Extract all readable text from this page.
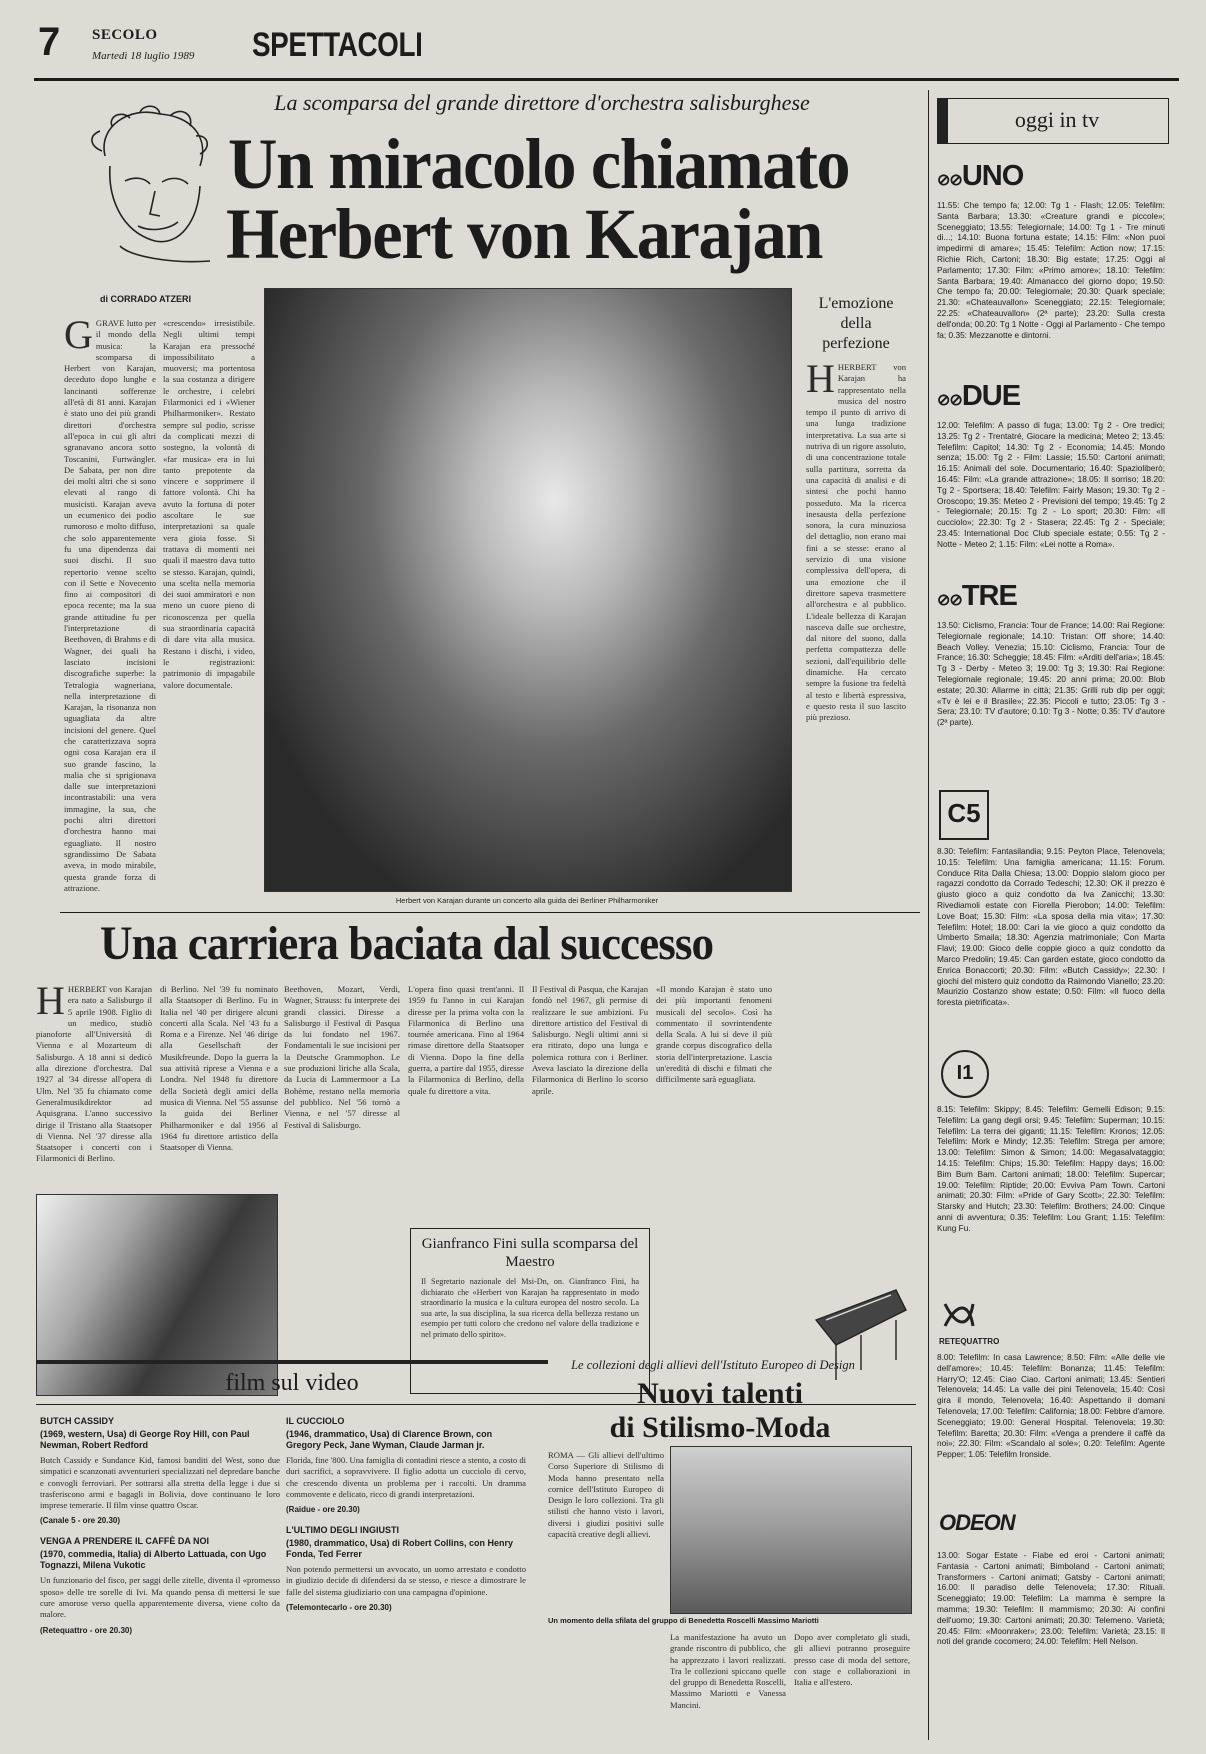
7 SECOLO
Martedì 18 luglio 1989 SPETTACOLI
La scomparsa del grande direttore d'orchestra salisburghese
Un miracolo chiamato
Herbert von Karajan
di CORRADO ATZERI
GGRAVE lutto per il mondo della musica: la scomparsa di Herbert von Karajan, deceduto dopo lunghe e lancinanti sofferenze all'età di 81 anni. Karajan è stato uno dei più grandi direttori d'orchestra all'epoca in cui gli altri sgranavano ancora sotto Toscanini, Furtwängler. De Sabata, per non dire dei molti altri che si sono elevati al rango di musicisti. Karajan aveva un ecumenico dei podio rumoroso e molto diffuso, che solo apparentemente fu una dipendenza dai suoi dischi. Il suo repertorio venne scelto con il Sette e Novecento fino ai compositori di epoca recente; ma la sua grande attitudine fu per l'interpretazione di Beethoven, di Brahms e di Wagner, dei quali ha lasciato incisioni discografiche superbe: la Tetralogia wagneriana, nella interpretazione di Karajan, la risonanza non uguagliata da altre incisioni del genere. Quel che caratterizzava sopra ogni cosa Karajan era il suo grande fascino, la malia che si sprigionava dalle sue interpretazioni incontrastabili: una vera immagine, la sua, che pochi altri direttori d'orchestra hanno mai eguagliato. Il nostro sgrandissimo De Sabata aveva, in modo mirabile, questa grande forza di attrazione.
«crescendo» irresistibile. Negli ultimi tempi Karajan era pressoché impossibilitato a muoversi; ma portentosa la sua costanza a dirigere le orchestre, i celebri Filarmonici ed i «Wiener Philharmoniker». Restato sempre sul podio, scrisse da complicati mezzi di sostegno, la volontà di «far musica» era in lui tanto prepotente da vincere e sopprimere il fattore volontà. Chi ha avuto la fortuna di poter ascoltare le sue interpretazioni sa quale vera gioia fosse. Si trattava di momenti nei quali il maestro dava tutto se stesso. Karajan, quindi, una scelta nella memoria dei suoi ammiratori e non meno un cuore pieno di riconoscenza per quella sua straordinaria capacità di dare vita alla musica. Restano i dischi, i video, le registrazioni: patrimonio di impagabile valore documentale.
Herbert von Karajan durante un concerto alla guida dei Berliner Philharmoniker
L'emozione della perfezione
HHERBERT von Karajan ha rappresentato nella musica del nostro tempo il punto di arrivo di una lunga tradizione interpretativa. La sua arte si nutriva di un rigore assoluto, di una concentrazione totale sulla partitura, sorretta da una capacità di analisi e di sintesi che pochi hanno posseduto. Ma la ricerca inesausta della perfezione sonora, la cura minuziosa del dettaglio, non erano mai fini a se stesse: erano al servizio di una visione complessiva dell'opera, di una emozione che il direttore sapeva trasmettere all'orchestra e al pubblico. L'ideale bellezza di Karajan nasceva dalle sue orchestre, dal nitore del suono, dalla perfetta compattezza delle sezioni, dall'equilibrio delle dinamiche. Ha cercato sempre la fusione tra fedeltà al testo e libertà espressiva, e questo resta il suo lascito più prezioso.
Una carriera baciata dal successo
HHERBERT von Karajan era nato a Salisburgo il 5 aprile 1908. Figlio di un medico, studiò pianoforte all'Università di Vienna e al Mozarteum di Salisburgo. A 18 anni si dedicò alla direzione d'orchestra. Dal 1927 al '34 diresse all'opera di Ulm. Nel '35 fu chiamato come Generalmusikdirektor ad Aquisgrana. L'anno successivo dirige il Tristano alla Staatsoper di Vienna. Nel '37 diresse alla Staatsoper i concerti con i Filarmonici di Berlino.
di Berlino. Nel '39 fu nominato alla Staatsoper di Berlino. Fu in Italia nel '40 per dirigere alcuni concerti alla Scala. Nel '43 fu a Roma e a Firenze. Nel '46 dirige alla Gesellschaft der Musikfreunde. Dopo la guerra la sua attività riprese a Vienna e a Londra. Nel 1948 fu direttore della Società degli amici della musica di Vienna. Nel '55 assunse la guida dei Berliner Philharmoniker e dal 1956 al 1964 fu direttore artistico della Staatsoper di Vienna.
Beethoven, Mozart, Verdi, Wagner, Strauss: fu interprete dei grandi classici. Diresse a Salisburgo il Festival di Pasqua da lui fondato nel 1967. Fondamentali le sue incisioni per la Deutsche Grammophon. Le sue produzioni liriche alla Scala, da Lucia di Lammermoor a La Bohème, restano nella memoria del pubblico. Nel '56 tornò a Vienna, e nel '57 diresse al Festival di Salisburgo.
L'opera fino quasi trent'anni. Il 1959 fu l'anno in cui Karajan diresse per la prima volta con la Filarmonica di Berlino una tournée americana. Fino al 1964 rimase direttore della Staatsoper di Vienna. Dopo la fine della guerra, a partire dal 1955, diresse la Filarmonica di Berlino, della quale fu direttore a vita.
Il Festival di Pasqua, che Karajan fondò nel 1967, gli permise di realizzare le sue ambizioni. Fu direttore artistico del Festival di Salisburgo. Negli ultimi anni si era ritirato, dopo una lunga e polemica rottura con i Berliner. Aveva lasciato la direzione della Filarmonica di Berlino lo scorso aprile.
«Il mondo Karajan è stato uno dei più importanti fenomeni musicali del secolo». Così ha commentato il sovrintendente della Scala. A lui si deve il più grande corpus discografico della storia dell'interpretazione. Lascia un'eredità di dischi e filmati che difficilmente sarà eguagliata.
Gianfranco Fini sulla scomparsa del Maestro
Il Segretario nazionale del Msi-Dn, on. Gianfranco Fini, ha dichiarato che «Herbert von Karajan ha rappresentato in modo straordinario la musica e la cultura europea del nostro secolo. La sua arte, la sua disciplina, la sua ricerca della bellezza restano un esempio per tutti coloro che credono nel valore della tradizione e nel primato dello spirito».
film sul video
BUTCH CASSIDY
(1969, western, Usa) di George Roy Hill, con Paul Newman, Robert Redford
Butch Cassidy e Sundance Kid, famosi banditi del West, sono due simpatici e scanzonati avventurieri specializzati nel depredare banche e convogli ferroviari. Per sottrarsi alla stretta della legge i due si trasferiscono armi e bagagli in Bolivia, dove continuano le loro imprese temerarie. Il film vinse quattro Oscar.
(Canale 5 - ore 20.30)
VENGA A PRENDERE IL CAFFÈ DA NOI
(1970, commedia, Italia) di Alberto Lattuada, con Ugo Tognazzi, Milena Vukotic
Un funzionario del fisco, per saggi delle zitelle, diventa il «promesso sposo» delle tre sorelle di Ivi. Ma quando pensa di mettersi le sue cure amorose verso quella apparentemente diversa, viene colto da malore.
(Retequattro - ore 20.30)
IL CUCCIOLO
(1946, drammatico, Usa) di Clarence Brown, con Gregory Peck, Jane Wyman, Claude Jarman jr.
Florida, fine '800. Una famiglia di contadini riesce a stento, a costo di duri sacrifici, a sopravvivere. Il figlio adotta un cucciolo di cervo, che crescendo diventa un problema per i raccolti. Un dramma commovente e delicato, ricco di grandi interpretazioni.
(Raidue - ore 20.30)
L'ULTIMO DEGLI INGIUSTI
(1980, drammatico, Usa) di Robert Collins, con Henry Fonda, Ted Ferrer
Non potendo permettersi un avvocato, un uomo arrestato e condotto in giudizio decide di difendersi da se stesso, e riesce a dimostrare le falle del sistema giudiziario con una campagna d'opinione.
(Telemontecarlo - ore 20.30)
Le collezioni degli allievi dell'Istituto Europeo di Design
Nuovi talenti
di Stilismo-Moda
ROMA — Gli allievi dell'ultimo Corso Superiore di Stilismo di Moda hanno presentato nella cornice dell'Istituto Europeo di Design le loro collezioni. Tra gli stilisti che hanno visto i lavori, diversi i giudizi positivi sulle capacità creative degli allievi.
Un momento della sfilata del gruppo di Benedetta Roscelli Massimo Mariotti
La manifestazione ha avuto un grande riscontro di pubblico, che ha apprezzato i lavori realizzati. Tra le collezioni spiccano quelle del gruppo di Benedetta Roscelli, Massimo Mariotti e Vanessa Mancini.
Dopo aver completato gli studi, gli allievi potranno proseguire presso case di moda del settore, con stage e collaborazioni in Italia e all'estero.
oggi in tv
⊘⊘UNO
11.55: Che tempo fa; 12.00: Tg 1 - Flash; 12.05: Telefilm: Santa Barbara; 13.30: «Creature grandi e piccole»; Sceneggiato; 13.55: Telegiornale; 14.00: Tg 1 - Tre minuti di...; 14.10: Buona fortuna estate; 14.15: Film: «Non puoi impedirmi di amare»; 15.45: Telefilm: Action now; 17.15: Richie Rich, Cartoni; 18.30: Big estate; 17.25: Oggi al Parlamento; 17.30: Film: «Primo amore»; 18.10: Telefilm: Santa Barbara; 19.40: Almanacco del giorno dopo; 19.50: Che tempo fa; 20.00: Telegiornale; 20.30: Quark speciale; 21.30: «Chateauvallon» Sceneggiato; 22.15: Telegiornale; 22.25: «Chateauvallon» (2ª parte); 23.20: Sulla cresta dell'onda; 00.20: Tg 1 Notte - Oggi al Parlamento - Che tempo fa; 0.35: Mezzanotte e dintorni.
⊘⊘DUE
12.00: Telefilm: A passo di fuga; 13.00: Tg 2 - Ore tredici; 13.25: Tg 2 - Trentatré, Giocare la medicina; Meteo 2; 13.45: Telefilm: Capitol; 14.30: Tg 2 - Economia; 14.45: Mondo senza; 15.00: Tg 2 - Film: Lassie; 15.50: Cartoni animati; 16.15: Animali del sole. Documentario; 16.40: Spazioliberò; 16.45: Film: «La grande attrazione»; 18.05: Il sorriso; 18.20: Tg 2 - Sportsera; 18.40: Telefilm: Fairly Mason; 19.30: Tg 2 - Oroscopo; 19.35: Meteo 2 - Previsioni del tempo; 19.45: Tg 2 - Telegiornale; 20.15: Tg 2 - Lo sport; 20.30: Film: «Il cucciolo»; 22.30: Tg 2 - Stasera; 22.45: Tg 2 - Speciale; 23.45: International Doc Club speciale estate; 0.55: Tg 2 - Notte - Meteo 2; 1.15: Film: «Lei notte a Roma».
⊘⊘TRE
13.50: Ciclismo, Francia: Tour de France; 14.00: Rai Regione: Telegiornale regionale; 14.10: Tristan: Off shore; 14.40: Beach Volley. Venezia; 15.10: Ciclismo, Francia: Tour de France; 16.30: Scheggie; 18.45: Film: «Arditi dell'aria»; 18.45: Tg 3 - Derby - Meteo 3; 19.00: Tg 3; 19.30: Rai Regione: Telegiornale regionale; 19.45: 20 anni prima; 20.00: Blob estate; 20.30: Allarme in città; 21.35: Grilli rub dip per oggi; «Tv è lei e il Brasile»; 22.35: Piccoli e tutto; 23.05: Tg 3 - Sera; 23.10: TV d'autore; 0.10: Tg 3 - Notte; 0.35: TV d'autore (2ª parte).
C5
8.30: Telefilm: Fantasilandia; 9.15: Peyton Place, Telenovela; 10.15: Telefilm: Una famiglia americana; 11.15: Forum. Conduce Rita Dalla Chiesa; 13.00: Doppio slalom gioco per ragazzi condotto da Corrado Tedeschi; 12.30: OK il prezzo è giusto gioco a quiz condotto da Iva Zanicchi; 13.30: Rivediamoli estate con Fiorella Pierobon; 14.00: Telefilm: Love Boat; 15.30: Film: «La sposa della mia vita»; 17.30: Telefilm: Hotel; 18.00: Cari la vie gioco a quiz condotto da Umberto Smaila; 18.30: Agenzia matrimoniale; Con Marta Flavi; 19.00: Gioco delle coppie gioco a quiz condotto da Marco Predolin; 19.45: Can garden estate, gioco condotto da Enrica Bonaccorti; 20.30: Film: «Butch Cassidy»; 22.30: I giochi del mistero quiz condotto da Raimondo Vianello; 23.20: Maurizio Costanzo show estate; 0.50: Film: «Il fuoco della foresta pietrificata».
I1
8.15: Telefilm: Skippy; 8.45: Telefilm: Gemelli Edison; 9.15: Telefilm: La gang degli orsi; 9.45: Telefilm: Superman; 10.15: Telefilm: La terra dei giganti; 11.15: Telefilm: Kronos; 12.05: Telefilm: Mork e Mindy; 12.35: Telefilm: Strega per amore; 13.00: Telefilm: Simon & Simon; 14.00: Megasalvataggio; 14.15: Telefilm: Chips; 15.30: Telefilm: Happy days; 16.00: Bim Bum Bam. Cartoni animati; 18.00: Telefilm: Supercar; 19.00: Telefilm: Riptide; 20.00: Evviva Pam Town. Cartoni animati; 20.30: Film: «Pride of Gary Scott»; 22.30: Telefilm: Starsky and Hutch; 23.30: Telefilm: Brothers; 24.00: Cinque anni di avventura; 0.35: Telefilm: Lou Grant; 1.15: Telefilm: Kung Fu.
RETEQUATTRO
8.00: Telefilm: In casa Lawrence; 8.50: Film: «Alle delle vie dell'amore»; 10.45: Telefilm: Bonanza; 11.45: Telefilm: Harry'O; 12.45: Ciao Ciao. Cartoni animati; 13.45: Sentieri Telenovela; 14.45: La valle dei pini Telenovela; 15.40: Così gira il mondo, Telenovela; 16.40: Aspettando il domani Telenovela; 17.00: Telefilm: California; 18.00: Febbre d'amore. Sceneggiato; 19.00: General Hospital. Telenovela; 19.30: Telefilm: Baretta; 20.30: Film: «Venga a prendere il caffè da noi»; 22.30: Film: «Scandalo al sole»; 0.20: Telefilm: Agente Pepper; 1.05: Telefilm Ironside.
ODEON
13.00: Sogar Estate - Fiabe ed eroi - Cartoni animati; Fantasia - Cartoni animati; Bimboland - Cartoni animati; Transformers - Cartoni animati; Gatsby - Cartoni animati; 16.00: Il paradiso delle Telenovela; 17.30: Rituali. Sceneggiato; 19.00: Telefilm: La mamma è sempre la mamma; 19.30: Telefilm: Il mammismo; 20.30: Ai confini dell'uomo; 19.30: Cartoni animati; 20.30: Telemeno. Varietà; 20.45: Film: «Moonraker»; 23.00: Telefilm: Varietà; 23.15: Il noti del grande cocomero; 24.00: Telefilm: Hell Nelson.
